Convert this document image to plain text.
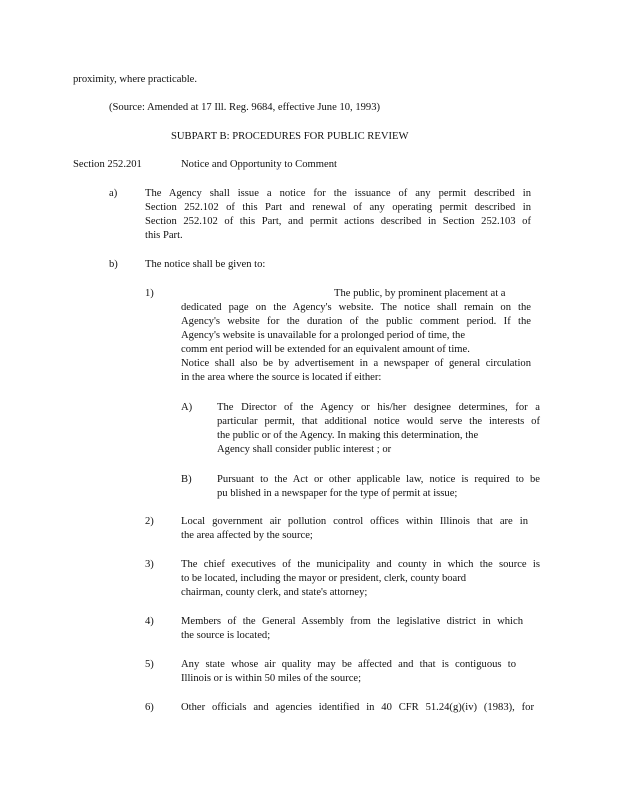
proximity, where practicable.
(Source: Amended at 17 Ill. Reg. 9684, effective June 10, 1993)
SUBPART B: PROCEDURES FOR PUBLIC REVIEW
Section 252.201	Notice and Opportunity to Comment
a)	The Agency shall issue a notice for the issuance of any permit described in
Section 252.102 of this Part and renewal of any operating permit described in
Section 252.102 of this Part, and permit actions described in Section 252.103 of
this Part.
b)	The notice shall be given to:
1)	The public, by prominent placement at a
dedicated page on the Agency's website. The notice shall remain on the
Agency's website for the duration of the public comment period. If the
Agency's website is unavailable for a prolonged period of time, the
comm ent period will be extended for an equivalent amount of time.
Notice shall also be by advertisement in a newspaper of general circulation
in the area where the source is located if either:
A) The Director of the Agency or his/her designee determines, for a
particular permit, that additional notice would serve the interests of
the public or of the Agency. In making this determination, the
Agency shall consider public interest ; or
B) Pursuant to the Act or other applicable law, notice is required to be
pu blished in a newspaper for the type of permit at issue;
2)	Local government air pollution control offices within Illinois that are in
the area affected by the source;
3)	The chief executives of the municipality and county in which the source is
to be located, including the mayor or president, clerk, county board
chairman, county clerk, and state's attorney;
4)	Members of the General Assembly from the legislative district in which
the source is located;
5)	Any state whose air quality may be affected and that is contiguous to
Illinois or is within 50 miles of the source;
6)	Other officials and agencies identified in 40 CFR 51.24(g)(iv) (1983), for
